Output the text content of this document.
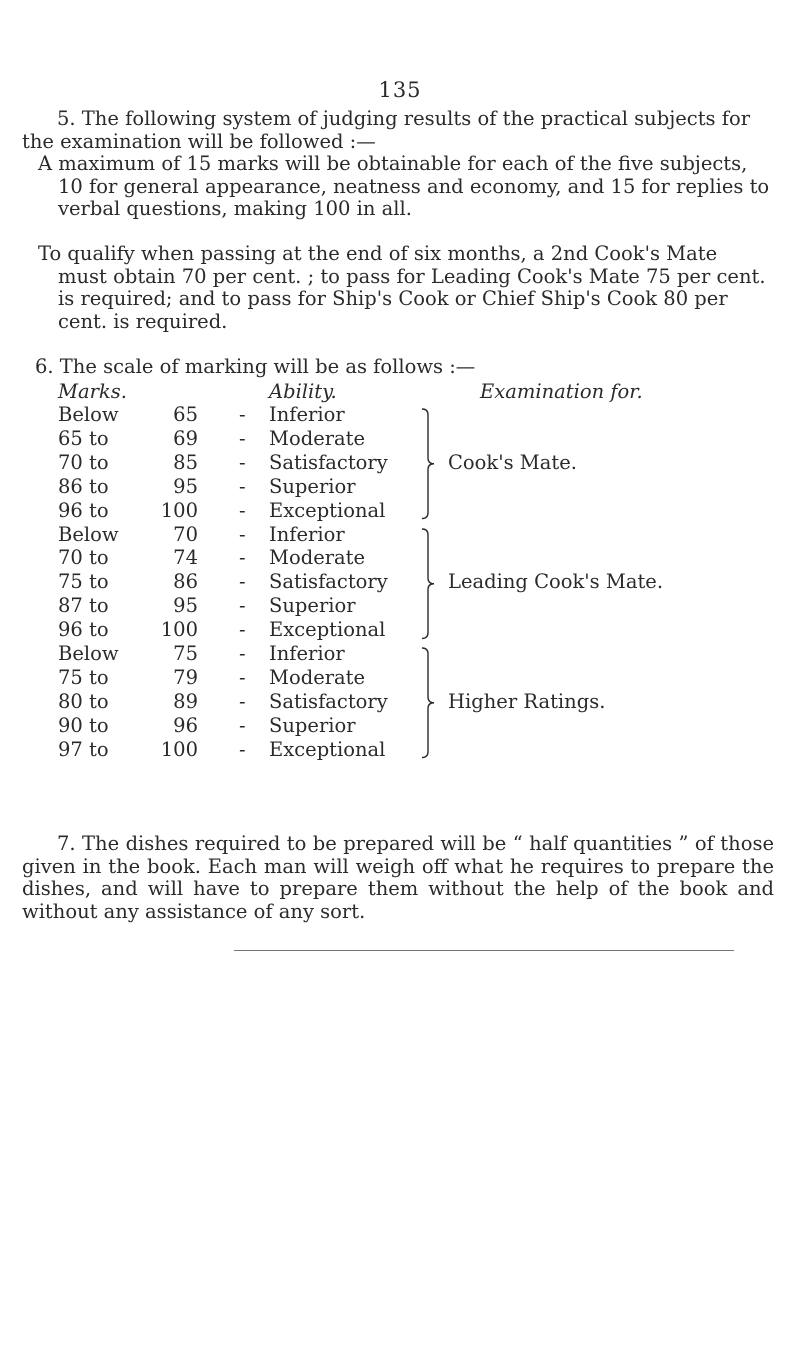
135

5. The following system of judging results of the practical subjects for the examination will be followed :—

A maximum of 15 marks will be obtainable for each of the five subjects, 10 for general appearance, neatness and economy, and 15 for replies to verbal questions, making 100 in all.

To qualify when passing at the end of six months, a 2nd Cook's Mate must obtain 70 per cent. ; to pass for Leading Cook's Mate 75 per cent. is required; and to pass for Ship's Cook or Chief Ship's Cook 80 per cent. is required.

6. The scale of marking will be as follows :—

Marks.	Ability.	Examination for.
Below	65 - Inferior
65 to	69 - Moderate
70 to	85 - Satisfactory
86 to	95 - Superior
96 to	100 - Exceptional
Cook's Mate.
Below	70 - Inferior
70 to	74 - Moderate
75 to	86 - Satisfactory
87 to	95 - Superior
96 to	100 - Exceptional
Leading Cook's Mate.
Below	75 - Inferior
75 to	79 - Moderate
80 to	89 - Satisfactory
90 to	96 - Superior
97 to	100 - Exceptional
Higher Ratings.

7. The dishes required to be prepared will be “ half quantities ” of those given in the book. Each man will weigh off what he requires to prepare the dishes, and will have to prepare them without the help of the book and without any assistance of any sort.
